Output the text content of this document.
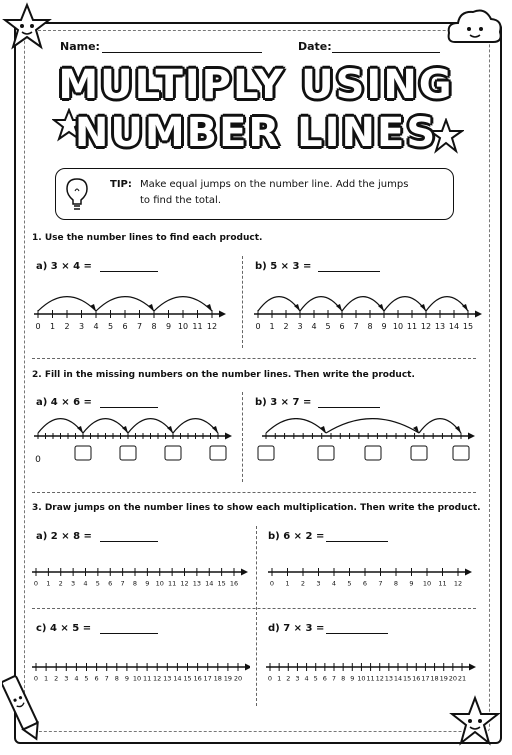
Name:	Date:
MULTIPLY USING
NUMBER LINES
TIP: Make equal jumps on the number line. Add the jumps
to find the total.
1. Use the number lines to find each product.
a) 3 × 4 =	b) 5 × 3 =
0 1 2 3 4 5 6 7 8 9 10 11 12	0 1 2 3 4 5 6 7 8 9 10 11 12 13 14 15
2. Fill in the missing numbers on the number lines. Then write the product.
a) 4 × 6 =	b) 3 × 7 =
0
3. Draw jumps on the number lines to show each multiplication. Then write the product.
a) 2 × 8 =	b) 6 × 2 =
0 1 2 3 4 5 6 7 8 9 10 11 12 13 14 15 16	0 1 2 3 4 5 6 7 8 9 10 11 12
c) 4 × 5 =	d) 7 × 3 =
0 1 2 3 4 5 6 7 8 9 10 11 12 13 14 15 16 17 18 19 20	0 1 2 3 4 5 6 7 8 9 10 11 12 13 14 15 16 17 18 19 20 21
